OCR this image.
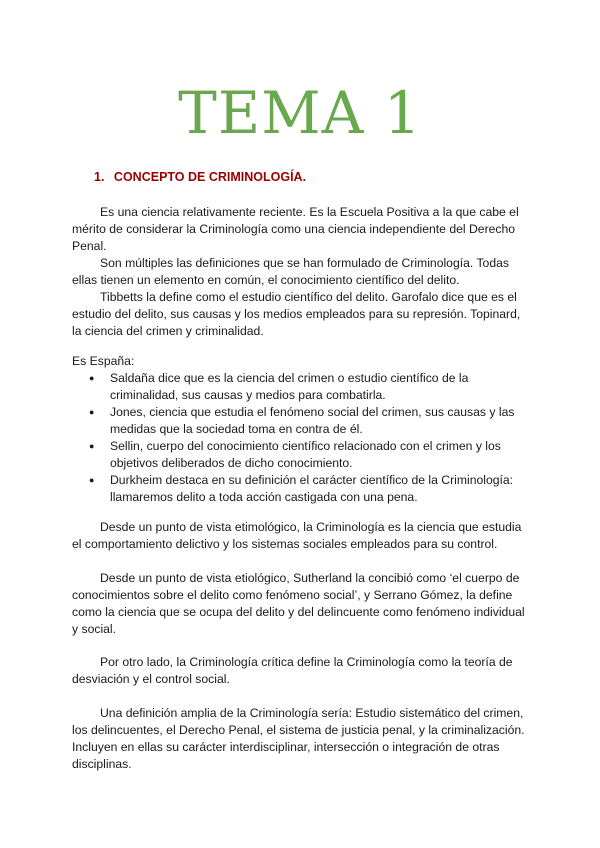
TEMA 1
1. CONCEPTO DE CRIMINOLOGÍA.

Es una ciencia relativamente reciente. Es la Escuela Positiva a la que cabe el mérito de considerar la Criminología como una ciencia independiente del Derecho Penal.

Son múltiples las definiciones que se han formulado de Criminología. Todas ellas tienen un elemento en común, el conocimiento científico del delito.

Tibbetts la define como el estudio científico del delito. Garofalo dice que es el estudio del delito, sus causas y los medios empleados para su represión. Topinard, la ciencia del crimen y criminalidad.

Es España:

● Saldaña dice que es la ciencia del crimen o estudio científico de la criminalidad, sus causas y medios para combatirla.
● Jones, ciencia que estudia el fenómeno social del crimen, sus causas y las medidas que la sociedad toma en contra de él.
● Sellin, cuerpo del conocimiento científico relacionado con el crimen y los objetivos deliberados de dicho conocimiento.
● Durkheim destaca en su definición el carácter científico de la Criminología: llamaremos delito a toda acción castigada con una pena.

Desde un punto de vista etimológico, la Criminología es la ciencia que estudia el comportamiento delictivo y los sistemas sociales empleados para su control.

Desde un punto de vista etiológico, Sutherland la concibió como ‘el cuerpo de conocimientos sobre el delito como fenómeno social’, y Serrano Gómez, la define como la ciencia que se ocupa del delito y del delincuente como fenómeno individual y social.

Por otro lado, la Criminología crítica define la Criminología como la teoría de desviación y el control social.

Una definición amplia de la Criminología sería: Estudio sistemático del crimen, los delincuentes, el Derecho Penal, el sistema de justicia penal, y la criminalización. Incluyen en ellas su carácter interdisciplinar, intersección o integración de otras disciplinas.
